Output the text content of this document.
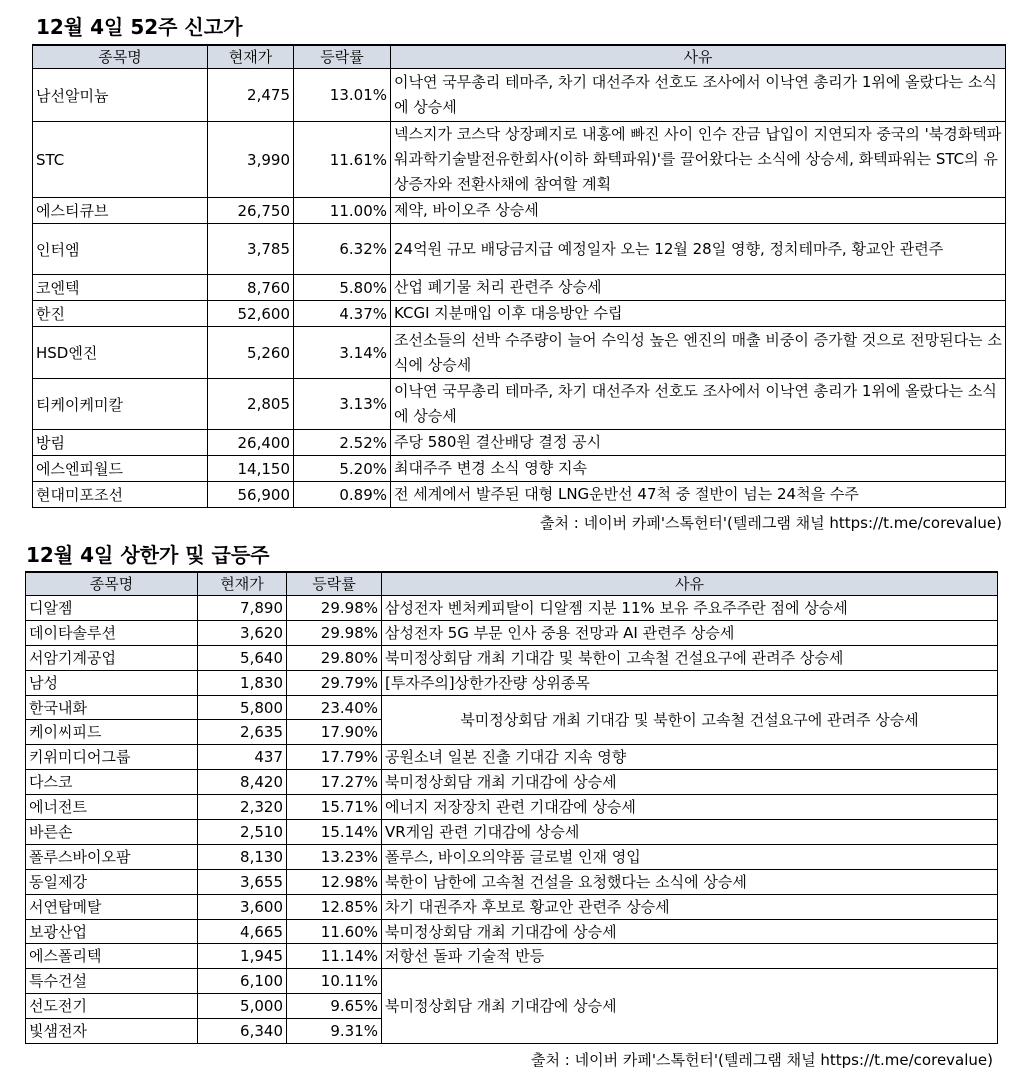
12월 4일 52주 신고가
종목명	현재가	등락률	사유
남선알미늄	2,475	13.01%	이낙연 국무총리 테마주, 차기 대선주자 선호도 조사에서 이낙연 총리가 1위에 올랐다는 소식에 상승세
STC	3,990	11.61%	넥스지가 코스닥 상장폐지로 내홍에 빠진 사이 인수 잔금 납입이 지연되자 중국의 '북경화텍파워과학기술발전유한회사(이하 화텍파워)'를 끌어왔다는 소식에 상승세, 화텍파워는 STC의 유상증자와 전환사채에 참여할 계획
에스티큐브	26,750	11.00%	제약, 바이오주 상승세
인터엠	3,785	6.32%	24억원 규모 배당금지급 예정일자 오는 12월 28일 영향, 정치테마주, 황교안 관련주
코엔텍	8,760	5.80%	산업 폐기물 처리 관련주 상승세
한진	52,600	4.37%	KCGI 지분매입 이후 대응방안 수립
HSD엔진	5,260	3.14%	조선소들의 선박 수주량이 늘어 수익성 높은 엔진의 매출 비중이 증가할 것으로 전망된다는 소식에 상승세
티케이케미칼	2,805	3.13%	이낙연 국무총리 테마주, 차기 대선주자 선호도 조사에서 이낙연 총리가 1위에 올랐다는 소식에 상승세
방림	26,400	2.52%	주당 580원 결산배당 결정 공시
에스엔피월드	14,150	5.20%	최대주주 변경 소식 영향 지속
현대미포조선	56,900	0.89%	전 세계에서 발주된 대형 LNG운반선 47척 중 절반이 넘는 24척을 수주
출처 : 네이버 카페'스톡헌터'(텔레그램 채널 https://t.me/corevalue)
12월 4일 상한가 및 급등주
종목명	현재가	등락률	사유
디알젬	7,890	29.98%	삼성전자 벤처케피탈이 디알젬 지분 11% 보유 주요주주란 점에 상승세
데이타솔루션	3,620	29.98%	삼성전자 5G 부문 인사 중용 전망과 AI 관련주 상승세
서암기계공업	5,640	29.80%	북미정상회담 개최 기대감 및 북한이 고속철 건설요구에 관려주 상승세
남성	1,830	29.79%	[투자주의]상한가잔량 상위종목
한국내화	5,800	23.40%	북미정상회담 개최 기대감 및 북한이 고속철 건설요구에 관려주 상승세
케이씨피드	2,635	17.90%	
키위미디어그룹	437	17.79%	공원소녀 일본 진출 기대감 지속 영향
다스코	8,420	17.27%	북미정상회담 개최 기대감에 상승세
에너전트	2,320	15.71%	에너지 저장장치 관련 기대감에 상승세
바른손	2,510	15.14%	VR게임 관련 기대감에 상승세
폴루스바이오팜	8,130	13.23%	폴루스, 바이오의약품 글로벌 인재 영입
동일제강	3,655	12.98%	북한이 남한에 고속철 건설을 요청했다는 소식에 상승세
서연탑메탈	3,600	12.85%	차기 대권주자 후보로 황교안 관련주 상승세
보광산업	4,665	11.60%	북미정상회담 개최 기대감에 상승세
에스폴리텍	1,945	11.14%	저항선 돌파 기술적 반등
특수건설	6,100	10.11%	북미정상회담 개최 기대감에 상승세
선도전기	5,000	9.65%	
빛샘전자	6,340	9.31%	
출처 : 네이버 카페'스톡헌터'(텔레그램 채널 https://t.me/corevalue)
